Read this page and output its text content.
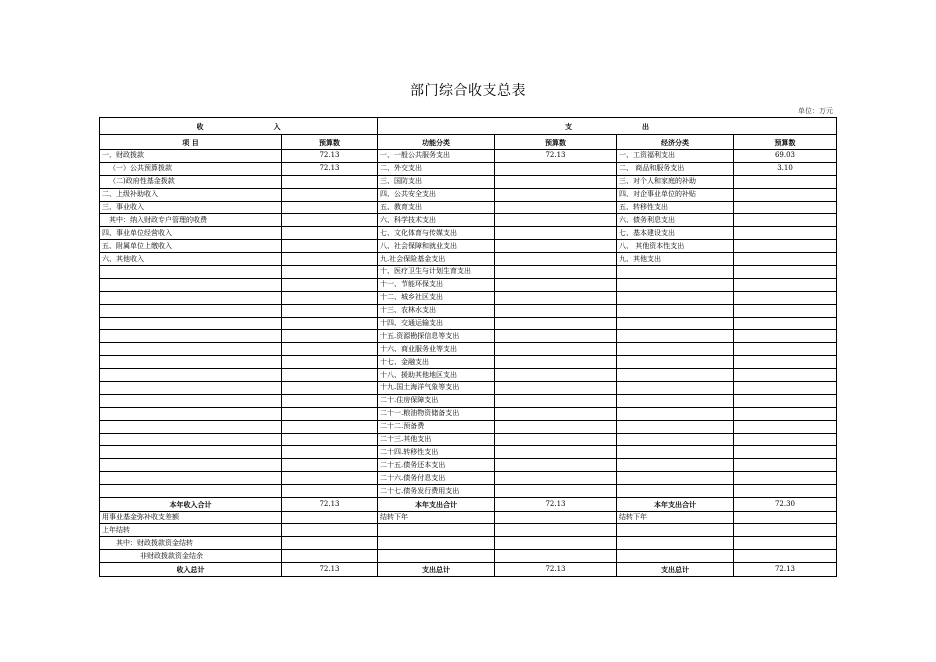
部门综合收支总表
单位：万元
收 入		支 出			
项 目	预算数	功能分类	预算数	经济分类	预算数
一、财政拨款	72.13	一、一般公共服务支出	72.13	一、工资福利支出	69.03
（一）公共预算拨款	72.13	二、外交支出		二、 商品和服务支出	3.10
（二)政府性基金拨款		三、国防支出		三、对个人和家庭的补助	
二、上级补助收入		四、公共安全支出		四、对企事业单位的补贴	
三、事业收入		五、教育支出		五、转移性支出	
其中：纳入财政专户管理的收费		六、科学技术支出		六、债务利息支出	
四、事业单位经营收入		七、文化体育与传媒支出		七、基本建设支出	
五、附属单位上缴收入		八、社会保障和就业支出		八、 其他资本性支出	
六、其他收入		九.社会保险基金支出		九、其他支出	
		十、医疗卫生与计划生育支出			
		十一、节能环保支出			
		十二、城乡社区支出			
		十三、农林水支出			
		十四、交通运输支出			
		十五.资源勘探信息等支出			
		十六、商业服务业等支出			
		十七、金融支出			
		十八、援助其他地区支出			
		十九.国土海洋气象等支出			
		二十.住房保障支出			
		二十一.粮油物资储备支出			
		二十二.预备费			
		二十三.其他支出			
		二十四.转移性支出			
		二十五.债务还本支出			
		二十六.债务付息支出			
		二十七.债务发行费用支出			
本年收入合计	72.13	本年支出合计	72.13	本年支出合计	72.30
用事业基金弥补收支差额		结转下年		结转下年	
上年结转					
其中：财政拨款资金结转					
非财政拨款资金结余					
收入总计	72.13	支出总计	72.13	支出总计	72.13
